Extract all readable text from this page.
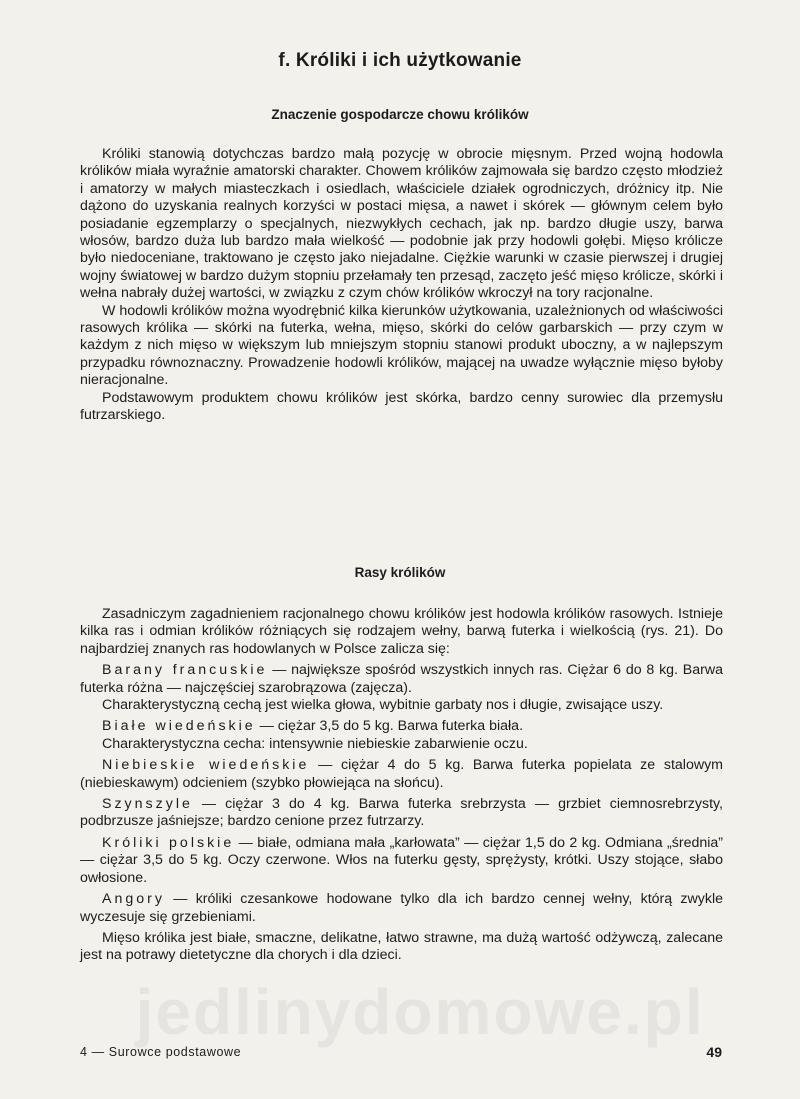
f. Króliki i ich użytkowanie
Znaczenie gospodarcze chowu królików

Króliki stanowią dotychczas bardzo małą pozycję w obrocie mięsnym. Przed wojną hodowla królików miała wyraźnie amatorski charakter. Chowem królików zajmowała się bardzo często młodzież i amatorzy w małych miasteczkach i osiedlach, właściciele działek ogrodniczych, dróżnicy itp. Nie dążono do uzyskania realnych korzyści w postaci mięsa, a nawet i skórek — głównym celem było posiadanie egzemplarzy o specjalnych, niezwykłych cechach, jak np. bardzo długie uszy, barwa włosów, bardzo duża lub bardzo mała wielkość — podobnie jak przy hodowli gołębi. Mięso królicze było niedoceniane, traktowano je często jako niejadalne. Ciężkie warunki w czasie pierwszej i drugiej wojny światowej w bardzo dużym stopniu przełamały ten przesąd, zaczęto jeść mięso królicze, skórki i wełna nabrały dużej wartości, w związku z czym chów królików wkroczył na tory racjonalne.

W hodowli królików można wyodrębnić kilka kierunków użytkowania, uzależnionych od właściwości rasowych królika — skórki na futerka, wełna, mięso, skórki do celów garbarskich — przy czym w każdym z nich mięso w większym lub mniejszym stopniu stanowi produkt uboczny, a w najlepszym przypadku równoznaczny. Prowadzenie hodowli królików, mającej na uwadze wyłącznie mięso byłoby nieracjonalne.

Podstawowym produktem chowu królików jest skórka, bardzo cenny surowiec dla przemysłu futrzarskiego.

Rasy królików

Zasadniczym zagadnieniem racjonalnego chowu królików jest hodowla królików rasowych. Istnieje kilka ras i odmian królików różniących się rodzajem wełny, barwą futerka i wielkością (rys. 21). Do najbardziej znanych ras hodowlanych w Polsce zalicza się:

Barany francuskie — największe spośród wszystkich innych ras. Ciężar 6 do 8 kg. Barwa futerka różna — najczęściej szarobrązowa (zajęcza).
Charakterystyczną cechą jest wielka głowa, wybitnie garbaty nos i długie, zwisające uszy.

Białe wiedeńskie — ciężar 3,5 do 5 kg. Barwa futerka biała.
Charakterystyczna cecha: intensywnie niebieskie zabarwienie oczu.

Niebieskie wiedeńskie — ciężar 4 do 5 kg. Barwa futerka popielata ze stalowym (niebieskawym) odcieniem (szybko płowiejąca na słońcu).

Szynszyle — ciężar 3 do 4 kg. Barwa futerka srebrzysta — grzbiet ciemnosrebrzysty, podbrzusze jaśniejsze; bardzo cenione przez futrzarzy.

Króliki polskie — białe, odmiana mała „karłowata” — ciężar 1,5 do 2 kg. Odmiana „średnia” — ciężar 3,5 do 5 kg. Oczy czerwone. Włos na futerku gęsty, sprężysty, krótki. Uszy stojące, słabo owłosione.

Angory — króliki czesankowe hodowane tylko dla ich bardzo cennej wełny, którą zwykle wyczesuje się grzebieniami.

Mięso królika jest białe, smaczne, delikatne, łatwo strawne, ma dużą wartość odżywczą, zalecane jest na potrawy dietetyczne dla chorych i dla dzieci.

jedlinydomowe.pl
4 — Surowce podstawowe	49
